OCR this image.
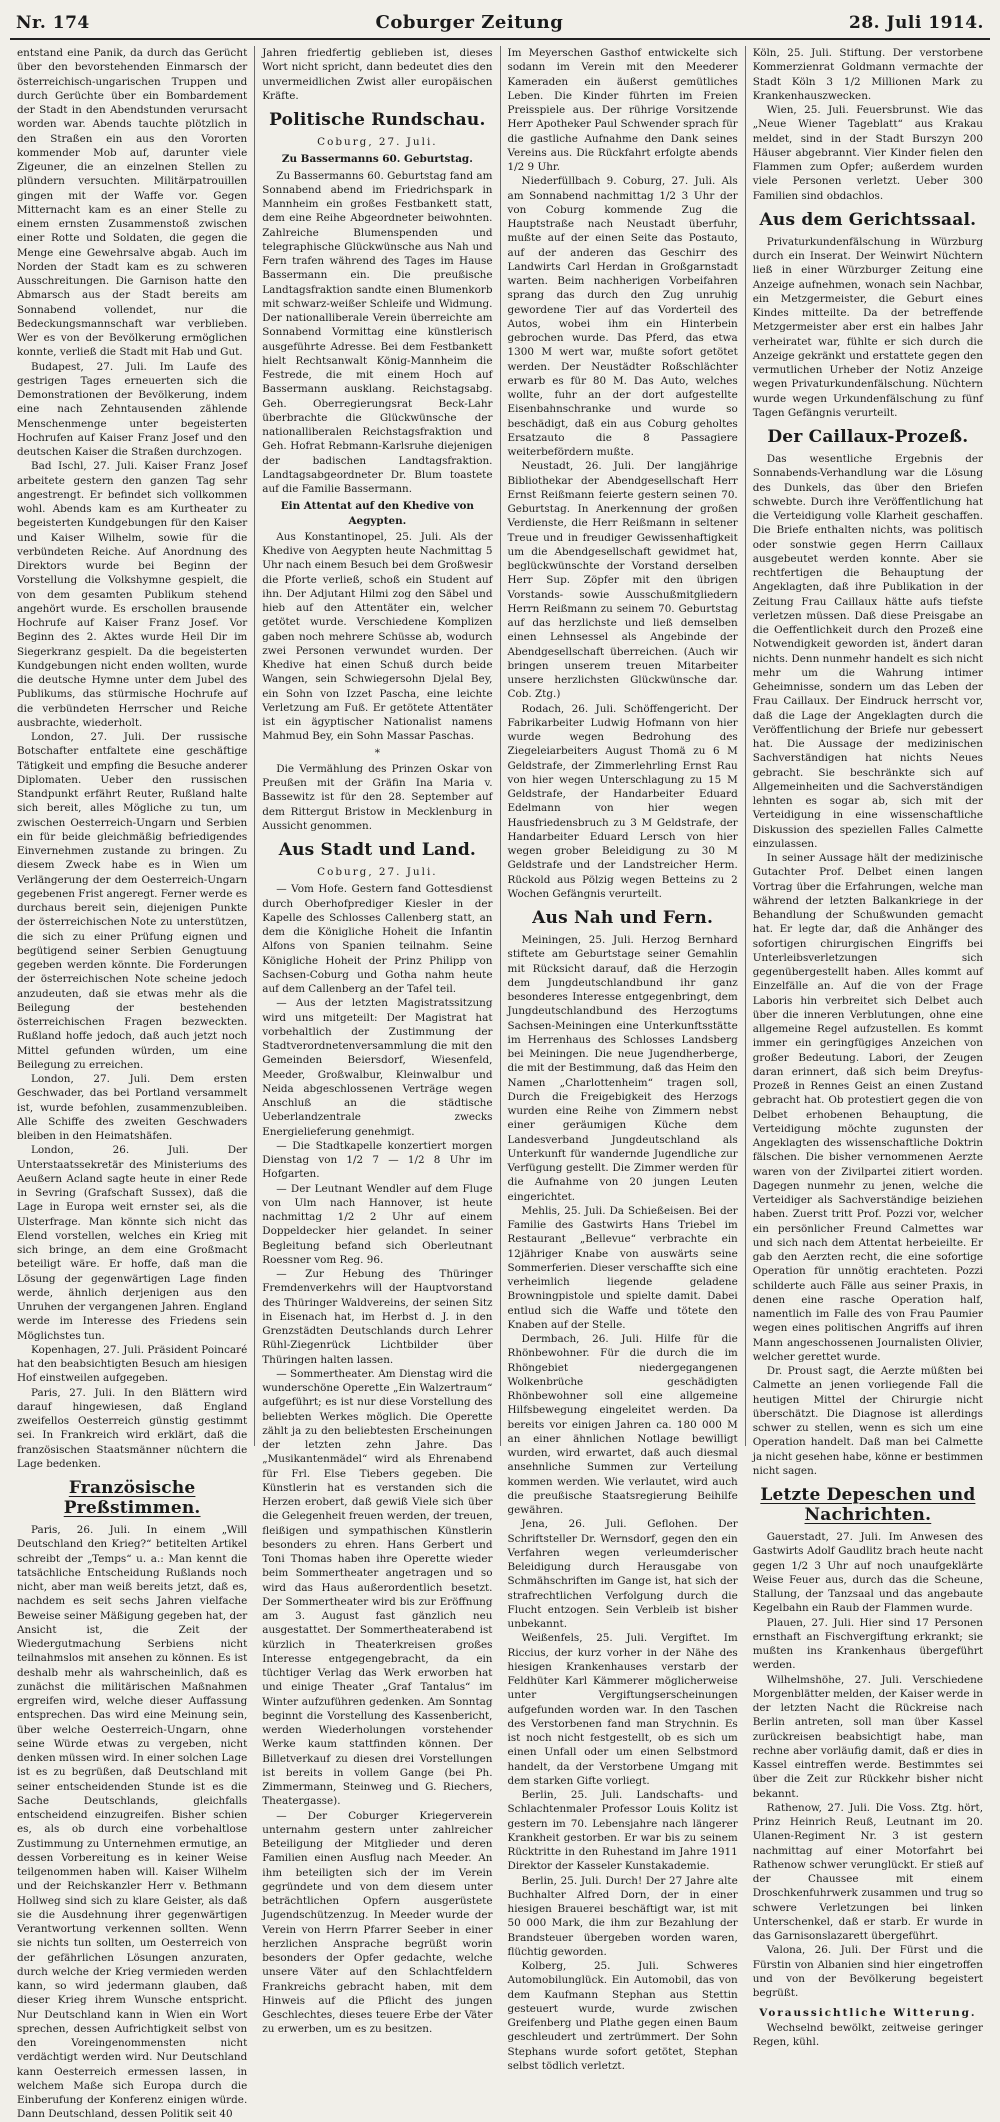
Nr. 174	Coburger Zeitung	28. Juli 1914.

entstand eine Panik, da durch das Gerücht über den bevorstehenden Einmarsch der österreichisch-ungarischen Truppen und durch Gerüchte über ein Bombardement der Stadt in den Abendstunden verursacht worden war. Abends tauchte plötzlich in den Straßen ein aus den Vororten kommender Mob auf, darunter viele Zigeuner, die an einzelnen Stellen zu plündern versuchten. Militärpatrouillen gingen mit der Waffe vor. Gegen Mitternacht kam es an einer Stelle zu einem ernsten Zusammenstoß zwischen einer Rotte und Soldaten, die gegen die Menge eine Gewehrsalve abgab. Auch im Norden der Stadt kam es zu schweren Ausschreitungen. Die Garnison hatte den Abmarsch aus der Stadt bereits am Sonnabend vollendet, nur die Bedeckungsmannschaft war verblieben. Wer es von der Bevölkerung ermöglichen konnte, verließ die Stadt mit Hab und Gut.

Budapest, 27. Juli. Im Laufe des gestrigen Tages erneuerten sich die Demonstrationen der Bevölkerung, indem eine nach Zehntausenden zählende Menschenmenge unter begeisterten Hochrufen auf Kaiser Franz Josef und den deutschen Kaiser die Straßen durchzogen.

Bad Ischl, 27. Juli. Kaiser Franz Josef arbeitete gestern den ganzen Tag sehr angestrengt. Er befindet sich vollkommen wohl. Abends kam es am Kurtheater zu begeisterten Kundgebungen für den Kaiser und Kaiser Wilhelm, sowie für die verbündeten Reiche. Auf Anordnung des Direktors wurde bei Beginn der Vorstellung die Volkshymne gespielt, die von dem gesamten Publikum stehend angehört wurde. Es erschollen brausende Hochrufe auf Kaiser Franz Josef. Vor Beginn des 2. Aktes wurde Heil Dir im Siegerkranz gespielt. Da die begeisterten Kundgebungen nicht enden wollten, wurde die deutsche Hymne unter dem Jubel des Publikums, das stürmische Hochrufe auf die verbündeten Herrscher und Reiche ausbrachte, wiederholt.

London, 27. Juli. Der russische Botschafter entfaltete eine geschäftige Tätigkeit und empfing die Besuche anderer Diplomaten. Ueber den russischen Standpunkt erfährt Reuter, Rußland halte sich bereit, alles Mögliche zu tun, um zwischen Oesterreich-Ungarn und Serbien ein für beide gleichmäßig befriedigendes Einvernehmen zustande zu bringen. Zu diesem Zweck habe es in Wien um Verlängerung der dem Oesterreich-Ungarn gegebenen Frist angeregt. Ferner werde es durchaus bereit sein, diejenigen Punkte der österreichischen Note zu unterstützen, die sich zu einer Prüfung eignen und begütigend seiner Serbien Genugtuung gegeben werden könnte. Die Forderungen der österreichischen Note scheine jedoch anzudeuten, daß sie etwas mehr als die Beilegung der bestehenden österreichischen Fragen bezweckten. Rußland hoffe jedoch, daß auch jetzt noch Mittel gefunden würden, um eine Beilegung zu erreichen.

London, 27. Juli. Dem ersten Geschwader, das bei Portland versammelt ist, wurde befohlen, zusammenzubleiben. Alle Schiffe des zweiten Geschwaders bleiben in den Heimatshäfen.

London, 26. Juli. Der Unterstaatssekretär des Ministeriums des Aeußern Acland sagte heute in einer Rede in Sevring (Grafschaft Sussex), daß die Lage in Europa weit ernster sei, als die Ulsterfrage. Man könnte sich nicht das Elend vorstellen, welches ein Krieg mit sich bringe, an dem eine Großmacht beteiligt wäre. Er hoffe, daß man die Lösung der gegenwärtigen Lage finden werde, ähnlich derjenigen aus den Unruhen der vergangenen Jahren. England werde im Interesse des Friedens sein Möglichstes tun.

Kopenhagen, 27. Juli. Präsident Poincaré hat den beabsichtigten Besuch am hiesigen Hof einstweilen aufgegeben.

Paris, 27. Juli. In den Blättern wird darauf hingewiesen, daß England zweifellos Oesterreich günstig gestimmt sei. In Frankreich wird erklärt, daß die französischen Staatsmänner nüchtern die Lage bedenken.

Französische Preßstimmen.

Paris, 26. Juli. In einem „Will Deutschland den Krieg?“ betitelten Artikel schreibt der „Temps“ u. a.: Man kennt die tatsächliche Entscheidung Rußlands noch nicht, aber man weiß bereits jetzt, daß es, nachdem es seit sechs Jahren vielfache Beweise seiner Mäßigung gegeben hat, der Ansicht ist, die Zeit der Wiedergutmachung Serbiens nicht teilnahmslos mit ansehen zu können. Es ist deshalb mehr als wahrscheinlich, daß es zunächst die militärischen Maßnahmen ergreifen wird, welche dieser Auffassung entsprechen. Das wird eine Meinung sein, über welche Oesterreich-Ungarn, ohne seine Würde etwas zu vergeben, nicht denken müssen wird. In einer solchen Lage ist es zu begrüßen, daß Deutschland mit seiner entscheidenden Stunde ist es die Sache Deutschlands, gleichfalls entscheidend einzugreifen. Bisher schien es, als ob durch eine vorbehaltlose Zustimmung zu Unternehmen ermutige, an dessen Vorbereitung es in keiner Weise teilgenommen haben will. Kaiser Wilhelm und der Reichskanzler Herr v. Bethmann Hollweg sind sich zu klare Geister, als daß sie die Ausdehnung ihrer gegenwärtigen Verantwortung verkennen sollten. Wenn sie nichts tun sollten, um Oesterreich von der gefährlichen Lösungen anzuraten, durch welche der Krieg vermieden werden kann, so wird jedermann glauben, daß dieser Krieg ihrem Wunsche entspricht. Nur Deutschland kann in Wien ein Wort sprechen, dessen Aufrichtigkeit selbst von den Voreingenommensten nicht verdächtigt werden wird. Nur Deutschland kann Oesterreich ermessen lassen, in welchem Maße sich Europa durch die Einberufung der Konferenz einigen würde. Dann Deutschland, dessen Politik seit 40

Jahren friedfertig geblieben ist, dieses Wort nicht spricht, dann bedeutet dies den unvermeidlichen Zwist aller europäischen Kräfte.

Politische Rundschau.
Coburg, 27. Juli.
Zu Bassermanns 60. Geburtstag.

Zu Bassermanns 60. Geburtstag fand am Sonnabend abend im Friedrichspark in Mannheim ein großes Festbankett statt, dem eine Reihe Abgeordneter beiwohnten. Zahlreiche Blumenspenden und telegraphische Glückwünsche aus Nah und Fern trafen während des Tages im Hause Bassermann ein. Die preußische Landtagsfraktion sandte einen Blumenkorb mit schwarz-weißer Schleife und Widmung. Der nationalliberale Verein überreichte am Sonnabend Vormittag eine künstlerisch ausgeführte Adresse. Bei dem Festbankett hielt Rechtsanwalt König-Mannheim die Festrede, die mit einem Hoch auf Bassermann ausklang. Reichstagsabg. Geh. Oberregierungsrat Beck-Lahr überbrachte die Glückwünsche der nationalliberalen Reichstagsfraktion und Geh. Hofrat Rebmann-Karlsruhe diejenigen der badischen Landtagsfraktion. Landtagsabgeordneter Dr. Blum toastete auf die Familie Bassermann.

Ein Attentat auf den Khedive von Aegypten.

Aus Konstantinopel, 25. Juli. Als der Khedive von Aegypten heute Nachmittag 5 Uhr nach einem Besuch bei dem Großwesir die Pforte verließ, schoß ein Student auf ihn. Der Adjutant Hilmi zog den Säbel und hieb auf den Attentäter ein, welcher getötet wurde. Verschiedene Komplizen gaben noch mehrere Schüsse ab, wodurch zwei Personen verwundet wurden. Der Khedive hat einen Schuß durch beide Wangen, sein Schwiegersohn Djelal Bey, ein Sohn von Izzet Pascha, eine leichte Verletzung am Fuß. Er getötete Attentäter ist ein ägyptischer Nationalist namens Mahmud Bey, ein Sohn Massar Paschas.

*

Die Vermählung des Prinzen Oskar von Preußen mit der Gräfin Ina Maria v. Bassewitz ist für den 28. September auf dem Rittergut Bristow in Mecklenburg in Aussicht genommen.

Aus Stadt und Land.
Coburg, 27. Juli.

— Vom Hofe. Gestern fand Gottesdienst durch Oberhofprediger Kiesler in der Kapelle des Schlosses Callenberg statt, an dem die Königliche Hoheit die Infantin Alfons von Spanien teilnahm. Seine Königliche Hoheit der Prinz Philipp von Sachsen-Coburg und Gotha nahm heute auf dem Callenberg an der Tafel teil.

— Aus der letzten Magistratssitzung wird uns mitgeteilt: Der Magistrat hat vorbehaltlich der Zustimmung der Stadtverordnetenversammlung die mit den Gemeinden Beiersdorf, Wiesenfeld, Meeder, Großwalbur, Kleinwalbur und Neida abgeschlossenen Verträge wegen Anschluß an die städtische Ueberlandzentrale zwecks Energielieferung genehmigt.

— Die Stadtkapelle konzertiert morgen Dienstag von 1/2 7 — 1/2 8 Uhr im Hofgarten.

— Der Leutnant Wendler auf dem Fluge von Ulm nach Hannover, ist heute nachmittag 1/2 2 Uhr auf einem Doppeldecker hier gelandet. In seiner Begleitung befand sich Oberleutnant Roessner vom Reg. 96.

— Zur Hebung des Thüringer Fremdenverkehrs will der Hauptvorstand des Thüringer Waldvereins, der seinen Sitz in Eisenach hat, im Herbst d. J. in den Grenzstädten Deutschlands durch Lehrer Rühl-Ziegenrück Lichtbilder über Thüringen halten lassen.

— Sommertheater. Am Dienstag wird die wunderschöne Operette „Ein Walzertraum“ aufgeführt; es ist nur diese Vorstellung des beliebten Werkes möglich. Die Operette zählt ja zu den beliebtesten Erscheinungen der letzten zehn Jahre. Das „Musikantenmädel“ wird als Ehrenabend für Frl. Else Tiebers gegeben. Die Künstlerin hat es verstanden sich die Herzen erobert, daß gewiß Viele sich über die Gelegenheit freuen werden, der treuen, fleißigen und sympathischen Künstlerin besonders zu ehren. Hans Gerbert und Toni Thomas haben ihre Operette wieder beim Sommertheater angetragen und so wird das Haus außerordentlich besetzt. Der Sommertheater wird bis zur Eröffnung am 3. August fast gänzlich neu ausgestattet. Der Sommertheaterabend ist kürzlich in Theaterkreisen großes Interesse entgegengebracht, da ein tüchtiger Verlag das Werk erworben hat und einige Theater „Graf Tantalus“ im Winter aufzuführen gedenken. Am Sonntag beginnt die Vorstellung des Kassenbericht, werden Wiederholungen vorstehender Werke kaum stattfinden können. Der Billetverkauf zu diesen drei Vorstellungen ist bereits in vollem Gange (bei Ph. Zimmermann, Steinweg und G. Riechers, Theatergasse).

— Der Coburger Kriegerverein unternahm gestern unter zahlreicher Beteiligung der Mitglieder und deren Familien einen Ausflug nach Meeder. An ihm beteiligten sich der im Verein gegründete und von dem diesem unter beträchtlichen Opfern ausgerüstete Jugendschützenzug. In Meeder wurde der Verein von Herrn Pfarrer Seeber in einer herzlichen Ansprache begrüßt worin besonders der Opfer gedachte, welche unsere Väter auf den Schlachtfeldern Frankreichs gebracht haben, mit dem Hinweis auf die Pflicht des jungen Geschlechtes, dieses teuere Erbe der Väter zu erwerben, um es zu besitzen.

Im Meyerschen Gasthof entwickelte sich sodann im Verein mit den Meederer Kameraden ein äußerst gemütliches Leben. Die Kinder führten im Freien Preisspiele aus. Der rührige Vorsitzende Herr Apotheker Paul Schwender sprach für die gastliche Aufnahme den Dank seines Vereins aus. Die Rückfahrt erfolgte abends 1/2 9 Uhr.

Niederfüllbach 9. Coburg, 27. Juli. Als am Sonnabend nachmittag 1/2 3 Uhr der von Coburg kommende Zug die Hauptstraße nach Neustadt überfuhr, mußte auf der einen Seite das Postauto, auf der anderen das Geschirr des Landwirts Carl Herdan in Großgarnstadt warten. Beim nachherigen Vorbeifahren sprang das durch den Zug unruhig gewordene Tier auf das Vorderteil des Autos, wobei ihm ein Hinterbein gebrochen wurde. Das Pferd, das etwa 1300 M wert war, mußte sofort getötet werden. Der Neustädter Roßschlächter erwarb es für 80 M. Das Auto, welches wollte, fuhr an der dort aufgestellte Eisenbahnschranke und wurde so beschädigt, daß ein aus Coburg geholtes Ersatzauto die 8 Passagiere weiterbefördern mußte.

Neustadt, 26. Juli. Der langjährige Bibliothekar der Abendgesellschaft Herr Ernst Reißmann feierte gestern seinen 70. Geburtstag. In Anerkennung der großen Verdienste, die Herr Reißmann in seltener Treue und in freudiger Gewissenhaftigkeit um die Abendgesellschaft gewidmet hat, beglückwünschte der Vorstand derselben Herr Sup. Zöpfer mit den übrigen Vorstands- sowie Ausschußmitgliedern Herrn Reißmann zu seinem 70. Geburtstag auf das herzlichste und ließ demselben einen Lehnsessel als Angebinde der Abendgesellschaft überreichen. (Auch wir bringen unserem treuen Mitarbeiter unsere herzlichsten Glückwünsche dar. Cob. Ztg.)

Rodach, 26. Juli. Schöffengericht. Der Fabrikarbeiter Ludwig Hofmann von hier wurde wegen Bedrohung des Ziegeleiarbeiters August Thomä zu 6 M Geldstrafe, der Zimmerlehrling Ernst Rau von hier wegen Unterschlagung zu 15 M Geldstrafe, der Handarbeiter Eduard Edelmann von hier wegen Hausfriedensbruch zu 3 M Geldstrafe, der Handarbeiter Eduard Lersch von hier wegen grober Beleidigung zu 30 M Geldstrafe und der Landstreicher Herm. Rückold aus Pölzig wegen Betteins zu 2 Wochen Gefängnis verurteilt.

Aus Nah und Fern.

Meiningen, 25. Juli. Herzog Bernhard stiftete am Geburtstage seiner Gemahlin mit Rücksicht darauf, daß die Herzogin dem Jungdeutschlandbund ihr ganz besonderes Interesse entgegenbringt, dem Jungdeutschlandbund des Herzogtums Sachsen-Meiningen eine Unterkunftsstätte im Herrenhaus des Schlosses Landsberg bei Meiningen. Die neue Jugendherberge, die mit der Bestimmung, daß das Heim den Namen „Charlottenheim“ tragen soll, Durch die Freigebigkeit des Herzogs wurden eine Reihe von Zimmern nebst einer geräumigen Küche dem Landesverband Jungdeutschland als Unterkunft für wandernde Jugendliche zur Verfügung gestellt. Die Zimmer werden für die Aufnahme von 20 jungen Leuten eingerichtet.

Mehlis, 25. Juli. Da Schießeisen. Bei der Familie des Gastwirts Hans Triebel im Restaurant „Bellevue“ verbrachte ein 12jähriger Knabe von auswärts seine Sommerferien. Dieser verschaffte sich eine verheimlich liegende geladene Browningpistole und spielte damit. Dabei entlud sich die Waffe und tötete den Knaben auf der Stelle.

Dermbach, 26. Juli. Hilfe für die Rhönbewohner. Für die durch die im Rhöngebiet niedergegangenen Wolkenbrüche geschädigten Rhönbewohner soll eine allgemeine Hilfsbewegung eingeleitet werden. Da bereits vor einigen Jahren ca. 180 000 M an einer ähnlichen Notlage bewilligt wurden, wird erwartet, daß auch diesmal ansehnliche Summen zur Verteilung kommen werden. Wie verlautet, wird auch die preußische Staatsregierung Beihilfe gewähren.

Jena, 26. Juli. Geflohen. Der Schriftsteller Dr. Wernsdorf, gegen den ein Verfahren wegen verleumderischer Beleidigung durch Herausgabe von Schmähschriften im Gange ist, hat sich der strafrechtlichen Verfolgung durch die Flucht entzogen. Sein Verbleib ist bisher unbekannt.

Weißenfels, 25. Juli. Vergiftet. Im Riccius, der kurz vorher in der Nähe des hiesigen Krankenhauses verstarb der Feldhüter Karl Kämmerer möglicherweise unter Vergiftungserscheinungen aufgefunden worden war. In den Taschen des Verstorbenen fand man Strychnin. Es ist noch nicht festgestellt, ob es sich um einen Unfall oder um einen Selbstmord handelt, da der Verstorbene Umgang mit dem starken Gifte vorliegt.

Berlin, 25. Juli. Landschafts- und Schlachtenmaler Professor Louis Kolitz ist gestern im 70. Lebensjahre nach längerer Krankheit gestorben. Er war bis zu seinem Rücktritte in den Ruhestand im Jahre 1911 Direktor der Kasseler Kunstakademie.

Berlin, 25. Juli. Durch! Der 27 Jahre alte Buchhalter Alfred Dorn, der in einer hiesigen Brauerei beschäftigt war, ist mit 50 000 Mark, die ihm zur Bezahlung der Brandsteuer übergeben worden waren, flüchtig geworden.

Kolberg, 25. Juli. Schweres Automobilunglück. Ein Automobil, das von dem Kaufmann Stephan aus Stettin gesteuert wurde, wurde zwischen Greifenberg und Plathe gegen einen Baum geschleudert und zertrümmert. Der Sohn Stephans wurde sofort getötet, Stephan selbst tödlich verletzt.

Köln, 25. Juli. Stiftung. Der verstorbene Kommerzienrat Goldmann vermachte der Stadt Köln 3 1/2 Millionen Mark zu Krankenhauszwecken.

Wien, 25. Juli. Feuersbrunst. Wie das „Neue Wiener Tageblatt“ aus Krakau meldet, sind in der Stadt Burszyn 200 Häuser abgebrannt. Vier Kinder fielen den Flammen zum Opfer; außerdem wurden viele Personen verletzt. Ueber 300 Familien sind obdachlos.

Aus dem Gerichtssaal.

Privaturkundenfälschung in Würzburg durch ein Inserat. Der Weinwirt Nüchtern ließ in einer Würzburger Zeitung eine Anzeige aufnehmen, wonach sein Nachbar, ein Metzgermeister, die Geburt eines Kindes mitteilte. Da der betreffende Metzgermeister aber erst ein halbes Jahr verheiratet war, fühlte er sich durch die Anzeige gekränkt und erstattete gegen den vermutlichen Urheber der Notiz Anzeige wegen Privaturkundenfälschung. Nüchtern wurde wegen Urkundenfälschung zu fünf Tagen Gefängnis verurteilt.

Der Caillaux-Prozeß.

Das wesentliche Ergebnis der Sonnabends-Verhandlung war die Lösung des Dunkels, das über den Briefen schwebte. Durch ihre Veröffentlichung hat die Verteidigung volle Klarheit geschaffen. Die Briefe enthalten nichts, was politisch oder sonstwie gegen Herrn Caillaux ausgebeutet werden konnte. Aber sie rechtfertigen die Behauptung der Angeklagten, daß ihre Publikation in der Zeitung Frau Caillaux hätte aufs tiefste verletzen müssen. Daß diese Preisgabe an die Oeffentlichkeit durch den Prozeß eine Notwendigkeit geworden ist, ändert daran nichts. Denn nunmehr handelt es sich nicht mehr um die Wahrung intimer Geheimnisse, sondern um das Leben der Frau Caillaux. Der Eindruck herrscht vor, daß die Lage der Angeklagten durch die Veröffentlichung der Briefe nur gebessert hat. Die Aussage der medizinischen Sachverständigen hat nichts Neues gebracht. Sie beschränkte sich auf Allgemeinheiten und die Sachverständigen lehnten es sogar ab, sich mit der Verteidigung in eine wissenschaftliche Diskussion des speziellen Falles Calmette einzulassen.

In seiner Aussage hält der medizinische Gutachter Prof. Delbet einen langen Vortrag über die Erfahrungen, welche man während der letzten Balkankriege in der Behandlung der Schußwunden gemacht hat. Er legte dar, daß die Anhänger des sofortigen chirurgischen Eingriffs bei Unterleibsverletzungen sich gegenübergestellt haben. Alles kommt auf Einzelfälle an. Auf die von der Frage Laboris hin verbreitet sich Delbet auch über die inneren Verblutungen, ohne eine allgemeine Regel aufzustellen. Es kommt immer ein geringfügiges Anzeichen von großer Bedeutung. Labori, der Zeugen daran erinnert, daß sich beim Dreyfus-Prozeß in Rennes Geist an einen Zustand gebracht hat. Ob protestiert gegen die von Delbet erhobenen Behauptung, die Verteidigung möchte zugunsten der Angeklagten des wissenschaftliche Doktrin fälschen. Die bisher vernommenen Aerzte waren von der Zivilpartei zitiert worden. Dagegen nunmehr zu jenen, welche die Verteidiger als Sachverständige beiziehen haben. Zuerst tritt Prof. Pozzi vor, welcher ein persönlicher Freund Calmettes war und sich nach dem Attentat herbeieilte. Er gab den Aerzten recht, die eine sofortige Operation für unnötig erachteten. Pozzi schilderte auch Fälle aus seiner Praxis, in denen eine rasche Operation half, namentlich im Falle des von Frau Paumier wegen eines politischen Angriffs auf ihren Mann angeschossenen Journalisten Olivier, welcher gerettet wurde.

Dr. Proust sagt, die Aerzte müßten bei Calmette an jenen vorliegende Fall die heutigen Mittel der Chirurgie nicht überschätzt. Die Diagnose ist allerdings schwer zu stellen, wenn es sich um eine Operation handelt. Daß man bei Calmette ja nicht gesehen habe, könne er bestimmen nicht sagen.

Letzte Depeschen und Nachrichten.

Gauerstadt, 27. Juli. Im Anwesen des Gastwirts Adolf Gaudlitz brach heute nacht gegen 1/2 3 Uhr auf noch unaufgeklärte Weise Feuer aus, durch das die Scheune, Stallung, der Tanzsaal und das angebaute Kegelbahn ein Raub der Flammen wurde.

Plauen, 27. Juli. Hier sind 17 Personen ernsthaft an Fischvergiftung erkrankt; sie mußten ins Krankenhaus übergeführt werden.

Wilhelmshöhe, 27. Juli. Verschiedene Morgenblätter melden, der Kaiser werde in der letzten Nacht die Rückreise nach Berlin antreten, soll man über Kassel zurückreisen beabsichtigt habe, man rechne aber vorläufig damit, daß er dies in Kassel eintreffen werde. Bestimmtes sei über die Zeit zur Rückkehr bisher nicht bekannt.

Rathenow, 27. Juli. Die Voss. Ztg. hört, Prinz Heinrich Reuß, Leutnant im 20. Ulanen-Regiment Nr. 3 ist gestern nachmittag auf einer Motorfahrt bei Rathenow schwer verunglückt. Er stieß auf der Chaussee mit einem Droschkenfuhrwerk zusammen und trug so schwere Verletzungen bei linken Unterschenkel, daß er starb. Er wurde in das Garnisonslazarett übergeführt.

Valona, 26. Juli. Der Fürst und die Fürstin von Albanien sind hier eingetroffen und von der Bevölkerung begeistert begrüßt.

Voraussichtliche Witterung.

Wechselnd bewölkt, zeitweise geringer Regen, kühl.
